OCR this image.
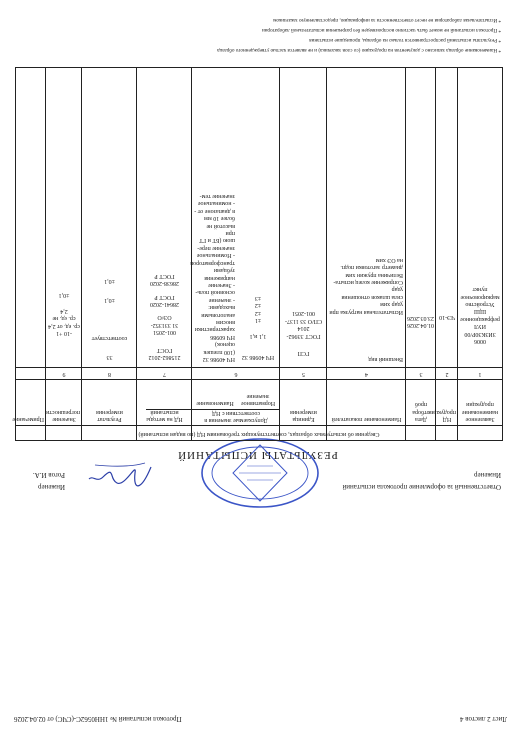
Лист 2 листов 4
Протокол испытаний № 1НН0562С-(СЧС) от 02.04.2026
РЕЗУЛЬТАТЫ ИСПЫТАНИЙ
Ответственный за оформление протокола испытаний
Инженер
Инженер
Рогов И.А.
Сведения об испытуемых образцах, соответствующих требованиям НД (по видам испытаний)
Заявленное наименование продукции
НД продукции
Дата отбора проб
Наименование показателей
Допускаемые значения в соответствии с НД
Единица измерения
Нормативное значение
Наименование
НД на методы испытаний
Результат измерения
Значение погрешности
Примечание
1
2
3
4
5
6
7
8
9
0006
ЗИЗКЗ0Р/00 ИУЛ
рефракционное ЩШ
Устройство
маркировочное
пункт
ЧЭ-10
01.04.2026
23.03.2026
Внешний вид
Испытательная нагрузка при
удар хим
сила шлаков отношения удар
Сопряжение колец испыта-
Величина пружин хим
диаметр заготовки подп.
на ОЭ хим
ГСП
ГОСТ 33962-
2014
СП/О 33 1137-
001-2051
НЧ 40986 32
1,1 и,1
±1
±2
±2
±3
НЧ 40986 32
(100 плешек оценок)
НЧ 60986
характеристики вносим
аналоговыми выходами:
- значение основной поль-
- Значение напряжения
зубцами трансформаторов
- Номинальное значение пере-
шою (БТ и ГТ при
высотой не более 10 мм
в диапазоне от -
- номинальное значение тем-
215862-2012
ГОСТ
001-2051
31 331352-
ОЭ/О
28641-2020
ГОСТ Р
28638-2020
ГОСТ Р
33
соответствует
±0,1
±0,1
-10 +1
ср. ед. от 2,4
ср. ед. не 2,4
±0,1
* Наименование образца записано с документов на продукцию (со слов заказчика) и не является частью утвержденного образца
* Результаты испытаний распространяются только на образцы, прошедшие испытания
* Протокол испытаний не может быть частично воспроизведен без разрешения испытательной лаборатории
* Испытательная лаборатория не несет ответственности за информацию, предоставленную заказчиком
